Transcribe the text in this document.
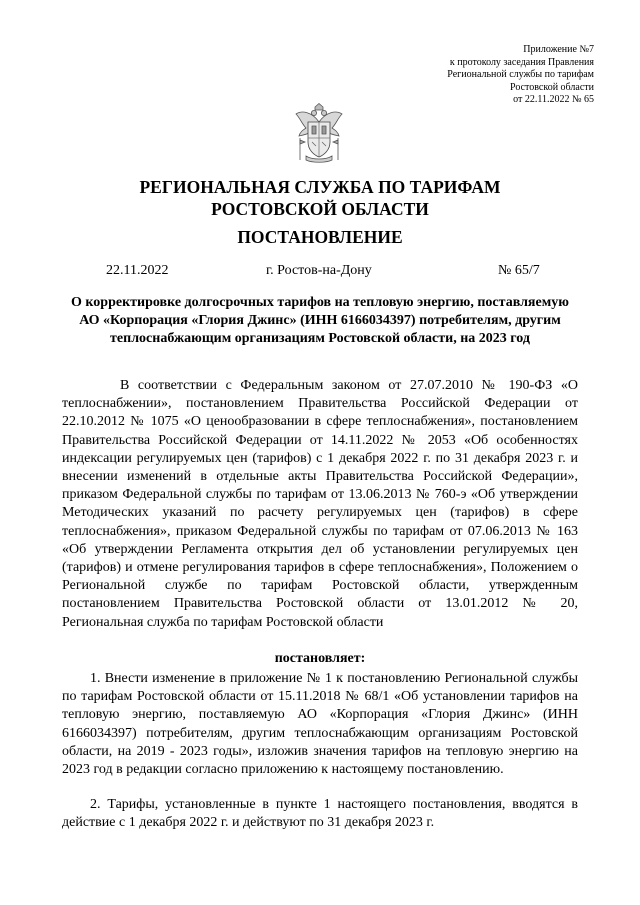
Приложение №7
к протоколу заседания Правления
Региональной службы по тарифам
Ростовской области
от 22.11.2022 № 65
РЕГИОНАЛЬНАЯ СЛУЖБА ПО ТАРИФАМ
РОСТОВСКОЙ ОБЛАСТИ
ПОСТАНОВЛЕНИЕ
22.11.2022	г. Ростов-на-Дону	№ 65/7
О корректировке долгосрочных тарифов на тепловую энергию, поставляемую АО «Корпорация «Глория Джинс» (ИНН 6166034397) потребителям, другим теплоснабжающим организациям Ростовской области, на 2023 год
В соответствии с Федеральным законом от 27.07.2010 № 190-ФЗ «О теплоснабжении», постановлением Правительства Российской Федерации от 22.10.2012 № 1075 «О ценообразовании в сфере теплоснабжения», постановлением Правительства Российской Федерации от 14.11.2022 № 2053 «Об особенностях индексации регулируемых цен (тарифов) с 1 декабря 2022 г. по 31 декабря 2023 г. и внесении изменений в отдельные акты Правительства Российской Федерации», приказом Федеральной службы по тарифам от 13.06.2013 № 760-э «Об утверждении Методических указаний по расчету регулируемых цен (тарифов) в сфере теплоснабжения», приказом Федеральной службы по тарифам от 07.06.2013 № 163 «Об утверждении Регламента открытия дел об установлении регулируемых цен (тарифов) и отмене регулирования тарифов в сфере теплоснабжения», Положением о Региональной службе по тарифам Ростовской области, утвержденным постановлением Правительства Ростовской области от 13.01.2012 № 20, Региональная служба по тарифам Ростовской области
постановляет:
1. Внести изменение в приложение № 1 к постановлению Региональной службы по тарифам Ростовской области от 15.11.2018 № 68/1 «Об установлении тарифов на тепловую энергию, поставляемую АО «Корпорация «Глория Джинс» (ИНН 6166034397) потребителям, другим теплоснабжающим организациям Ростовской области, на 2019 - 2023 годы», изложив значения тарифов на тепловую энергию на 2023 год в редакции согласно приложению к настоящему постановлению.
2. Тарифы, установленные в пункте 1 настоящего постановления, вводятся в действие с 1 декабря 2022 г. и действуют по 31 декабря 2023 г.
